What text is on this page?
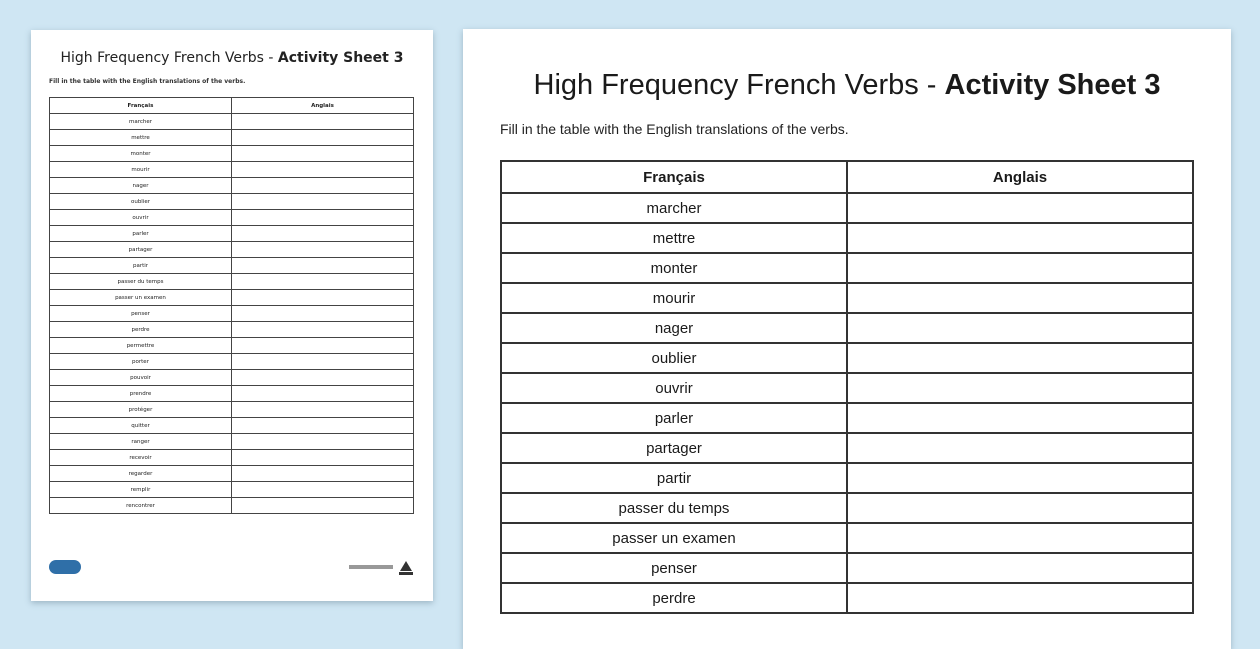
High Frequency French Verbs - Activity Sheet 3
Fill in the table with the English translations of the verbs.
Français	Anglais
marcher	
mettre	
monter	
mourir	
nager	
oublier	
ouvrir	
parler	
partager	
partir	
passer du temps	
passer un examen	
penser	
perdre	
permettre	
porter	
pouvoir	
prendre	
protéger	
quitter	
ranger	
recevoir	
regarder	
remplir	
rencontrer	
High Frequency French Verbs - Activity Sheet 3
Fill in the table with the English translations of the verbs.
Français	Anglais
marcher	
mettre	
monter	
mourir	
nager	
oublier	
ouvrir	
parler	
partager	
partir	
passer du temps	
passer un examen	
penser	
perdre	
